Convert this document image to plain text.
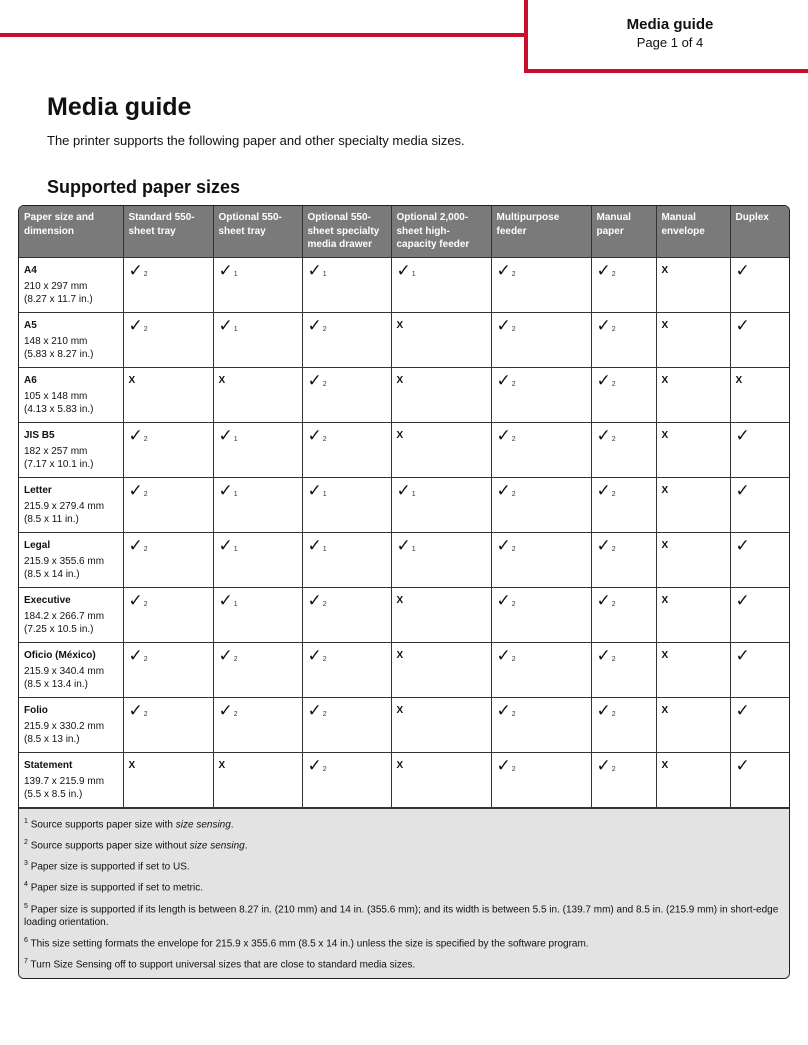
Media guide
Page 1 of 4
Media guide

The printer supports the following paper and other specialty media sizes.

Supported paper sizes
Paper size and dimension	Standard 550-sheet tray	Optional 550-sheet tray	Optional 550-sheet specialty media drawer	Optional 2,000-sheet high-capacity feeder	Multipurpose feeder	Manual paper	Manual envelope	Duplex

A4
210 x 297 mm
(8.27 x 11.7 in.)	✓2	✓1	✓1	✓1	✓2	✓2	X	✓

A5
148 x 210 mm
(5.83 x 8.27 in.)	✓2	✓1	✓2	X	✓2	✓2	X	✓

A6
105 x 148 mm
(4.13 x 5.83 in.)	X	X	✓2	X	✓2	✓2	X	X

JIS B5
182 x 257 mm
(7.17 x 10.1 in.)	✓2	✓1	✓2	X	✓2	✓2	X	✓

Letter
215.9 x 279.4 mm
(8.5 x 11 in.)	✓2	✓1	✓1	✓1	✓2	✓2	X	✓

Legal
215.9 x 355.6 mm
(8.5 x 14 in.)	✓2	✓1	✓1	✓1	✓2	✓2	X	✓

Executive
184.2 x 266.7 mm
(7.25 x 10.5 in.)	✓2	✓1	✓2	X	✓2	✓2	X	✓

Oficio (México)
215.9 x 340.4 mm
(8.5 x 13.4 in.)	✓2	✓2	✓2	X	✓2	✓2	X	✓

Folio
215.9 x 330.2 mm
(8.5 x 13 in.)	✓2	✓2	✓2	X	✓2	✓2	X	✓

Statement
139.7 x 215.9 mm
(5.5 x 8.5 in.)	X	X	✓2	X	✓2	✓2	X	✓

$^1$ Source supports paper size with size sensing.

$^2$ Source supports paper size without size sensing.

$^3$ Paper size is supported if set to US.

$^4$ Paper size is supported if set to metric.

$^5$ Paper size is supported if its length is between 8.27 in. (210 mm) and 14 in. (355.6 mm); and its width is between 5.5 in. (139.7 mm) and 8.5 in. (215.9 mm) in short-edge loading orientation.

$^6$ This size setting formats the envelope for 215.9 x 355.6 mm (8.5 x 14 in.) unless the size is specified by the software program.

$^7$ Turn Size Sensing off to support universal sizes that are close to standard media sizes.
